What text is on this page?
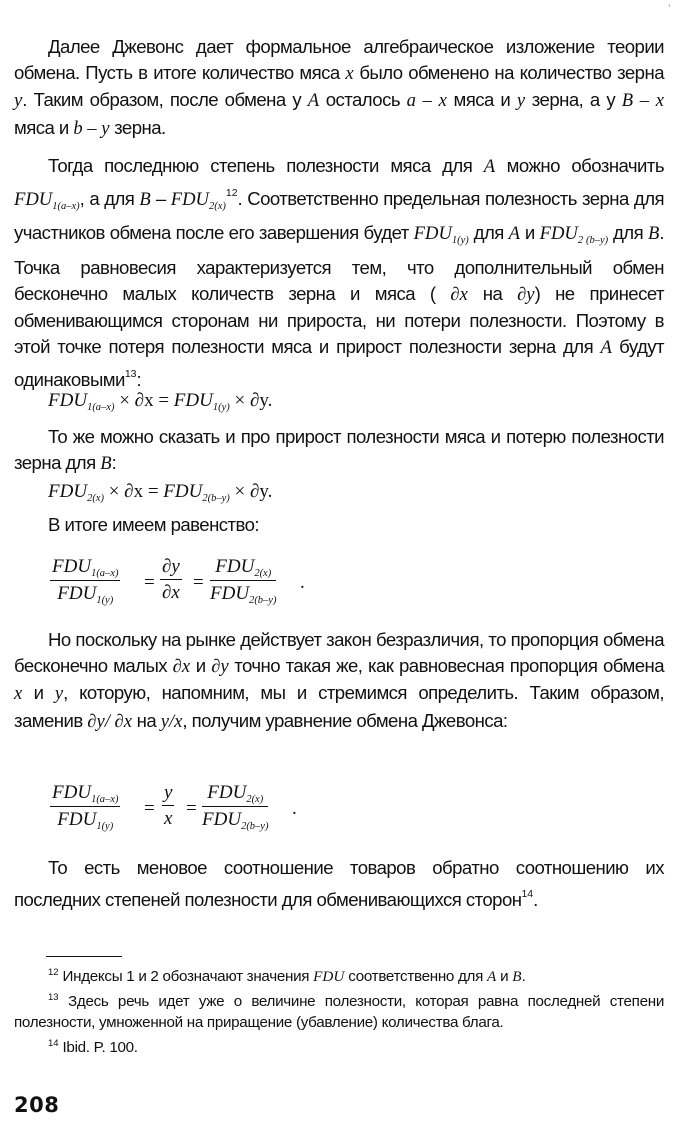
ˈ

Далее Джевонс дает формальное алгебраическое изложение теории обмена. Пусть в итоге количество мяса x было обменено на количество зерна y. Таким образом, после обмена у A осталось a – x мяса и y зерна, а у B – x мяса и b – y зерна.

Тогда последнюю степень полезности мяса для A можно обозначить $FDU_{1(a-x)}$, а для B – $FDU_{2(x)}^{12}$. Соответственно предельная полезность зерна для участников обмена после его завершения будет $FDU_{1(y)}$ для A и $FDU_{2 (b-y)}$ для B. Точка равновесия характеризуется тем, что дополнительный обмен бесконечно малых количеств зерна и мяса ( ∂x на ∂y) не принесет обменивающимся сторонам ни прироста, ни потери полезности. Поэтому в этой точке потеря полезности мяса и прирост полезности зерна для A будут одинаковыми$^{13}$:

$FDU_{1(a-x)} \times \partial x = FDU_{1(y)} \times \partial y$.

То же можно сказать и про прирост полезности мяса и потерю полезности зерна для B:

$FDU_{2(x)} \times \partial x = FDU_{2(b-y)} \times \partial y$.

В итоге имеем равенство:

$FDU_{1(a-x)}$
$FDU_{1(y)}$
= $\frac{\partial y}{\partial x}$ =
$FDU_{2(x)}$
$FDU_{2(b-y)}$
.

Но поскольку на рынке действует закон безразличия, то пропорция обмена бесконечно малых ∂x и ∂y точно такая же, как равновесная пропорция обмена x и y, которую, напомним, мы и стремимся определить. Таким образом, заменив ∂y/ ∂x на y/x, получим уравнение обмена Джевонса:

$FDU_{1(a-x)}$
$FDU_{1(y)}$
= $\frac{y}{x}$ =
$FDU_{2(x)}$
$FDU_{2(b-y)}$
.

То есть меновое соотношение товаров обратно соотношению их последних степеней полезности для обменивающихся сторон$^{14}$.

$^{12}$ Индексы 1 и 2 обозначают значения FDU соответственно для A и B.

$^{13}$ Здесь речь идет уже о величине полезности, которая равна последней степени полезности, умноженной на приращение (убавление) количества блага.

$^{14}$ Ibid. P. 100.

208
